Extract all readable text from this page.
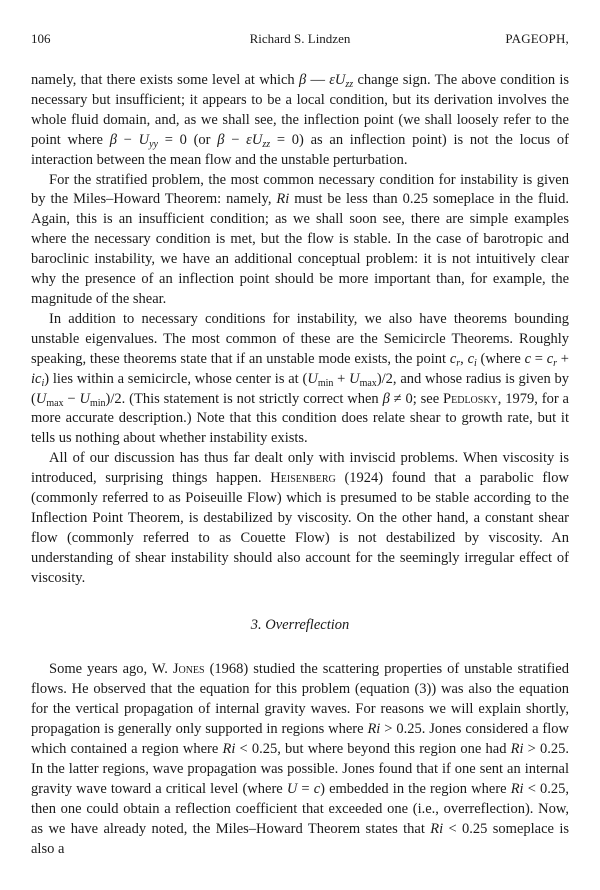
106	Richard S. Lindzen	PAGEOPH,

namely, that there exists some level at which β — $\varepsilon U_{zz}$ change sign. The above condition is necessary but insufficient; it appears to be a local condition, but its derivation involves the whole fluid domain, and, as we shall see, the inflection point (we shall loosely refer to the point where $\beta - U_{yy} = 0$ (or $\beta - \varepsilon U_{zz} = 0$) as an inflection point) is not the locus of interaction between the mean flow and the unstable perturbation.

For the stratified problem, the most common necessary condition for instability is given by the Miles–Howard Theorem: namely, Ri must be less than 0.25 someplace in the fluid. Again, this is an insufficient condition; as we shall soon see, there are simple examples where the necessary condition is met, but the flow is stable. In the case of barotropic and baroclinic instability, we have an additional conceptual problem: it is not intuitively clear why the presence of an inflection point should be more important than, for example, the magnitude of the shear.

In addition to necessary conditions for instability, we also have theorems bounding unstable eigenvalues. The most common of these are the Semicircle Theorems. Roughly speaking, these theorems state that if an unstable mode exists, the point $c_r$, $c_i$ (where $c = c_r + ic_i$) lies within a semicircle, whose center is at $(U_{min} + U_{max})/2$, and whose radius is given by $(U_{max} - U_{min})/2$. (This statement is not strictly correct when β ≠ 0; see Pedlosky, 1979, for a more accurate description.) Note that this condition does relate shear to growth rate, but it tells us nothing about whether instability exists.

All of our discussion has thus far dealt only with inviscid problems. When viscosity is introduced, surprising things happen. Heisenberg (1924) found that a parabolic flow (commonly referred to as Poiseuille Flow) which is presumed to be stable according to the Inflection Point Theorem, is destabilized by viscosity. On the other hand, a constant shear flow (commonly referred to as Couette Flow) is not destabilized by viscosity. An understanding of shear instability should also account for the seemingly irregular effect of viscosity.

3. Overreflection

Some years ago, W. Jones (1968) studied the scattering properties of unstable stratified flows. He observed that the equation for this problem (equation (3)) was also the equation for the vertical propagation of internal gravity waves. For reasons we will explain shortly, propagation is generally only supported in regions where Ri > 0.25. Jones considered a flow which contained a region where Ri < 0.25, but where beyond this region one had Ri > 0.25. In the latter regions, wave propagation was possible. Jones found that if one sent an internal gravity wave toward a critical level (where U = c) embedded in the region where Ri < 0.25, then one could obtain a reflection coefficient that exceeded one (i.e., overreflection). Now, as we have already noted, the Miles–Howard Theorem states that Ri < 0.25 someplace is also a
